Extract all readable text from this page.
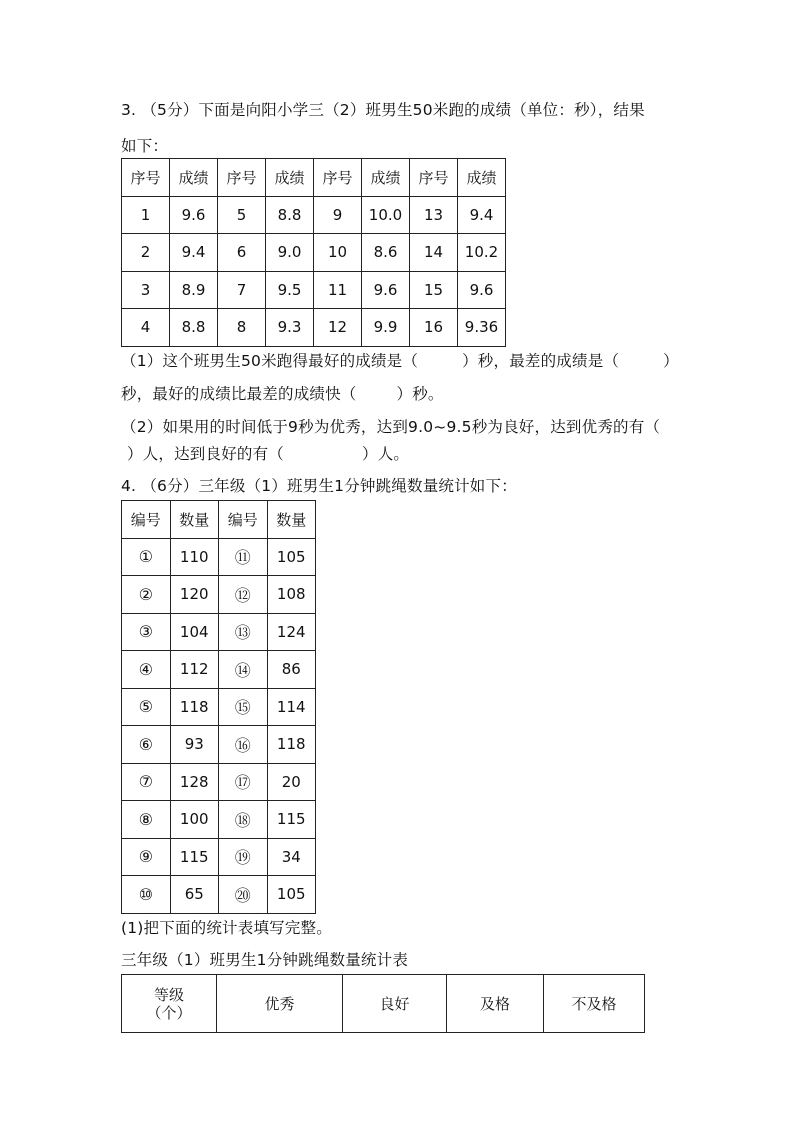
3. （5分）下面是向阳小学三（2）班男生50米跑的成绩（单位：秒），结果
如下：
序号	成绩	序号	成绩	序号	成绩	序号	成绩
1	9.6	5	8.8	9	10.0	13	9.4
2	9.4	6	9.0	10	8.6	14	10.2
3	8.9	7	9.5	11	9.6	15	9.6
4	8.8	8	9.3	12	9.9	16	9.36
（1）这个班男生50米跑得最好的成绩是（	）秒，最差的成绩是（	）
秒，最好的成绩比最差的成绩快（	）秒。
（2）如果用的时间低于9秒为优秀，达到9.0~9.5秒为良好，达到优秀的有（
）人，达到良好的有（	）人。
4. （6分）三年级（1）班男生1分钟跳绳数量统计如下：
编号	数量	编号	数量
①	110	⑪	105
②	120	⑫	108
③	104	⑬	124
④	112	⑭	86
⑤	118	⑮	114
⑥	93	⑯	118
⑦	128	⑰	20
⑧	100	⑱	115
⑨	115	⑲	34
⑩	65	⑳	105
(1)把下面的统计表填写完整。
三年级（1）班男生1分钟跳绳数量统计表
等级
（个）	优秀	良好	及格	不及格
